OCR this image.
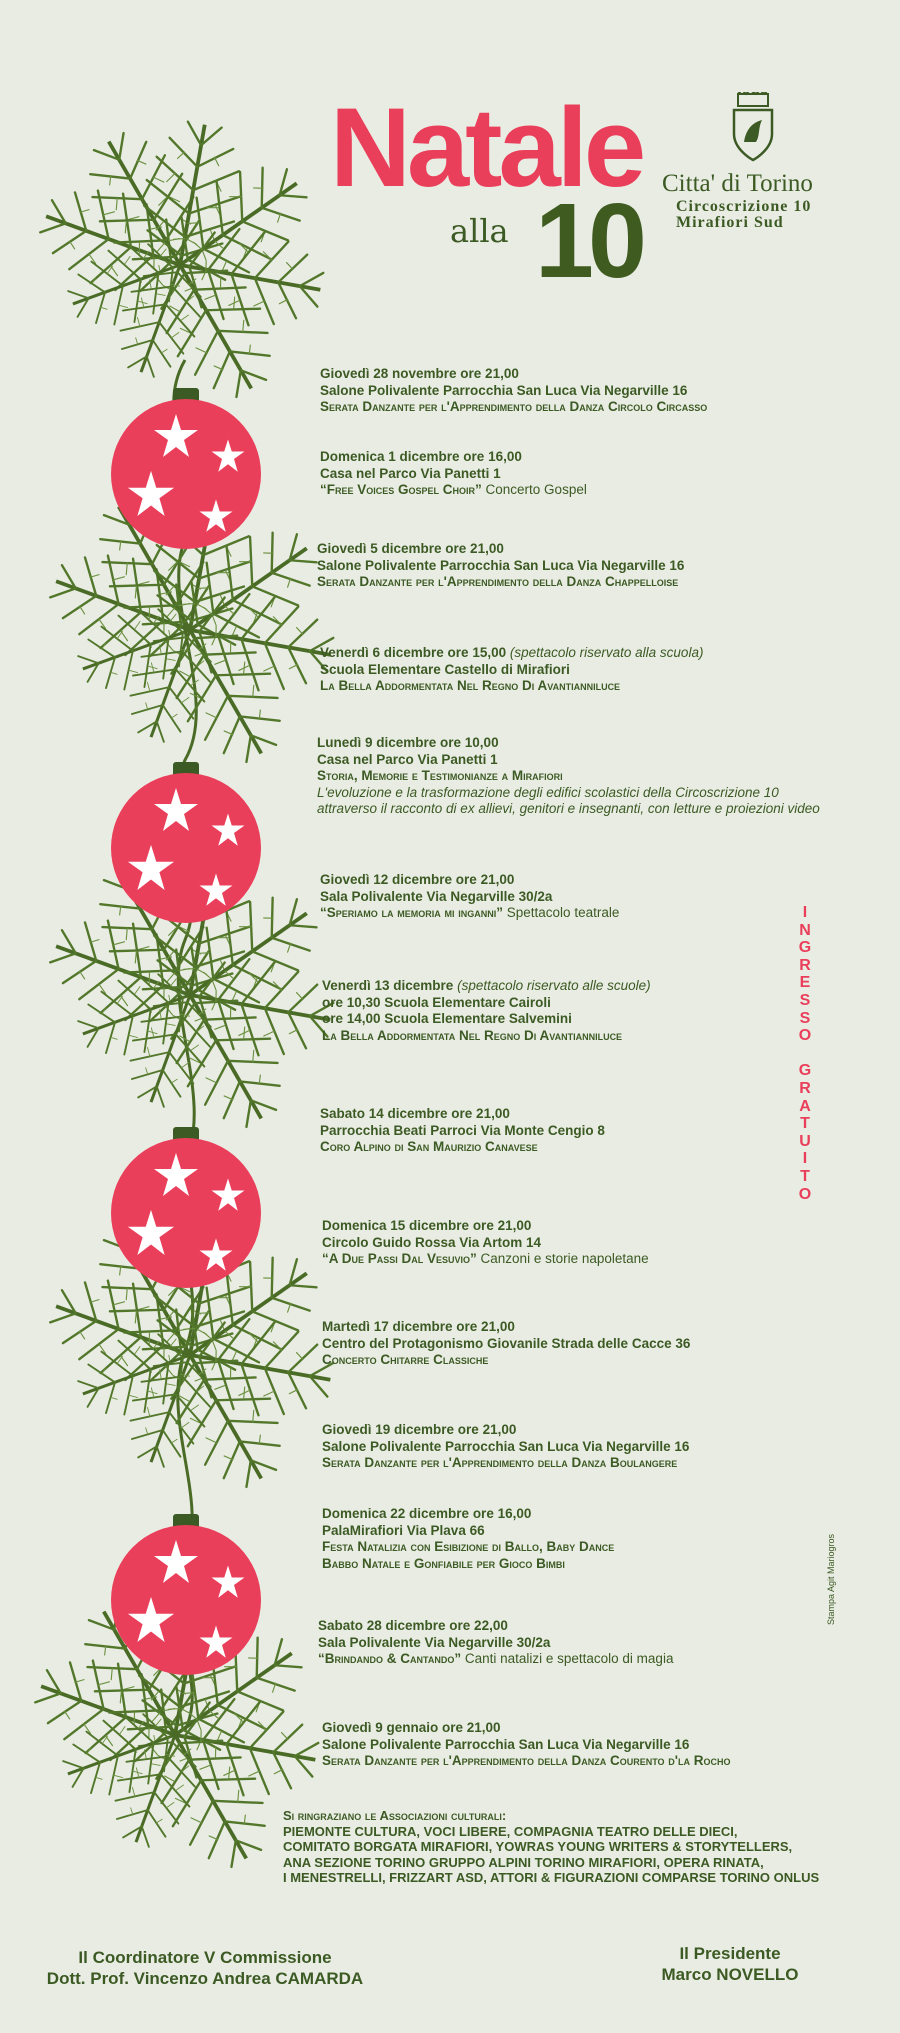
Natale
alla 10 Citta' di Torino
Circoscrizione 10
Mirafiori Sud
Giovedì 28 novembre ore 21,00
Salone Polivalente Parrocchia San Luca Via Negarville 16
Serata Danzante per l'Apprendimento della Danza Circolo Circasso
Domenica 1 dicembre ore 16,00
Casa nel Parco Via Panetti 1
“Free Voices Gospel Choir” Concerto Gospel
Giovedì 5 dicembre ore 21,00
Salone Polivalente Parrocchia San Luca Via Negarville 16
Serata Danzante per l'Apprendimento della Danza Chappelloise
Venerdì 6 dicembre ore 15,00 (spettacolo riservato alla scuola)
Scuola Elementare Castello di Mirafiori
La Bella Addormentata Nel Regno Di Avantianniluce
Lunedì 9 dicembre ore 10,00
Casa nel Parco Via Panetti 1
Storia, Memorie e Testimonianze a Mirafiori
L'evoluzione e la trasformazione degli edifici scolastici della Circoscrizione 10
attraverso il racconto di ex allievi, genitori e insegnanti, con letture e proiezioni video
Giovedì 12 dicembre ore 21,00
Sala Polivalente Via Negarville 30/2a
“Speriamo la memoria mi inganni” Spettacolo teatrale
Venerdì 13 dicembre (spettacolo riservato alle scuole)
ore 10,30 Scuola Elementare Cairoli
ore 14,00 Scuola Elementare Salvemini
La Bella Addormentata Nel Regno Di Avantianniluce
Sabato 14 dicembre ore 21,00
Parrocchia Beati Parroci Via Monte Cengio 8
Coro Alpino di San Maurizio Canavese
Domenica 15 dicembre ore 21,00
Circolo Guido Rossa Via Artom 14
“A Due Passi Dal Vesuvio” Canzoni e storie napoletane
Martedì 17 dicembre ore 21,00
Centro del Protagonismo Giovanile Strada delle Cacce 36
Concerto Chitarre Classiche
Giovedì 19 dicembre ore 21,00
Salone Polivalente Parrocchia San Luca Via Negarville 16
Serata Danzante per l'Apprendimento della Danza Boulangere
Domenica 22 dicembre ore 16,00
PalaMirafiori Via Plava 66
Festa Natalizia con Esibizione di Ballo, Baby Dance
Babbo Natale e Gonfiabile per Gioco Bimbi
Sabato 28 dicembre ore 22,00
Sala Polivalente Via Negarville 30/2a
“Brindando & Cantando” Canti natalizi e spettacolo di magia
Giovedì 9 gennaio ore 21,00
Salone Polivalente Parrocchia San Luca Via Negarville 16
Serata Danzante per l'Apprendimento della Danza Courento d'la Rocho
I
N
G
R
E
S
S
O
G
R
A
T
U
I
T
O
Stampa Agit Mariogros
Si ringraziano le Associazioni culturali:
PIEMONTE CULTURA, VOCI LIBERE, COMPAGNIA TEATRO DELLE DIECI,
COMITATO BORGATA MIRAFIORI, YOWRAS YOUNG WRITERS & STORYTELLERS,
ANA SEZIONE TORINO GRUPPO ALPINI TORINO MIRAFIORI, OPERA RINATA,
I MENESTRELLI, FRIZZART ASD, ATTORI & FIGURAZIONI COMPARSE TORINO ONLUS
Il Coordinatore V Commissione
Dott. Prof. Vincenzo Andrea CAMARDA
Il Presidente
Marco NOVELLO
